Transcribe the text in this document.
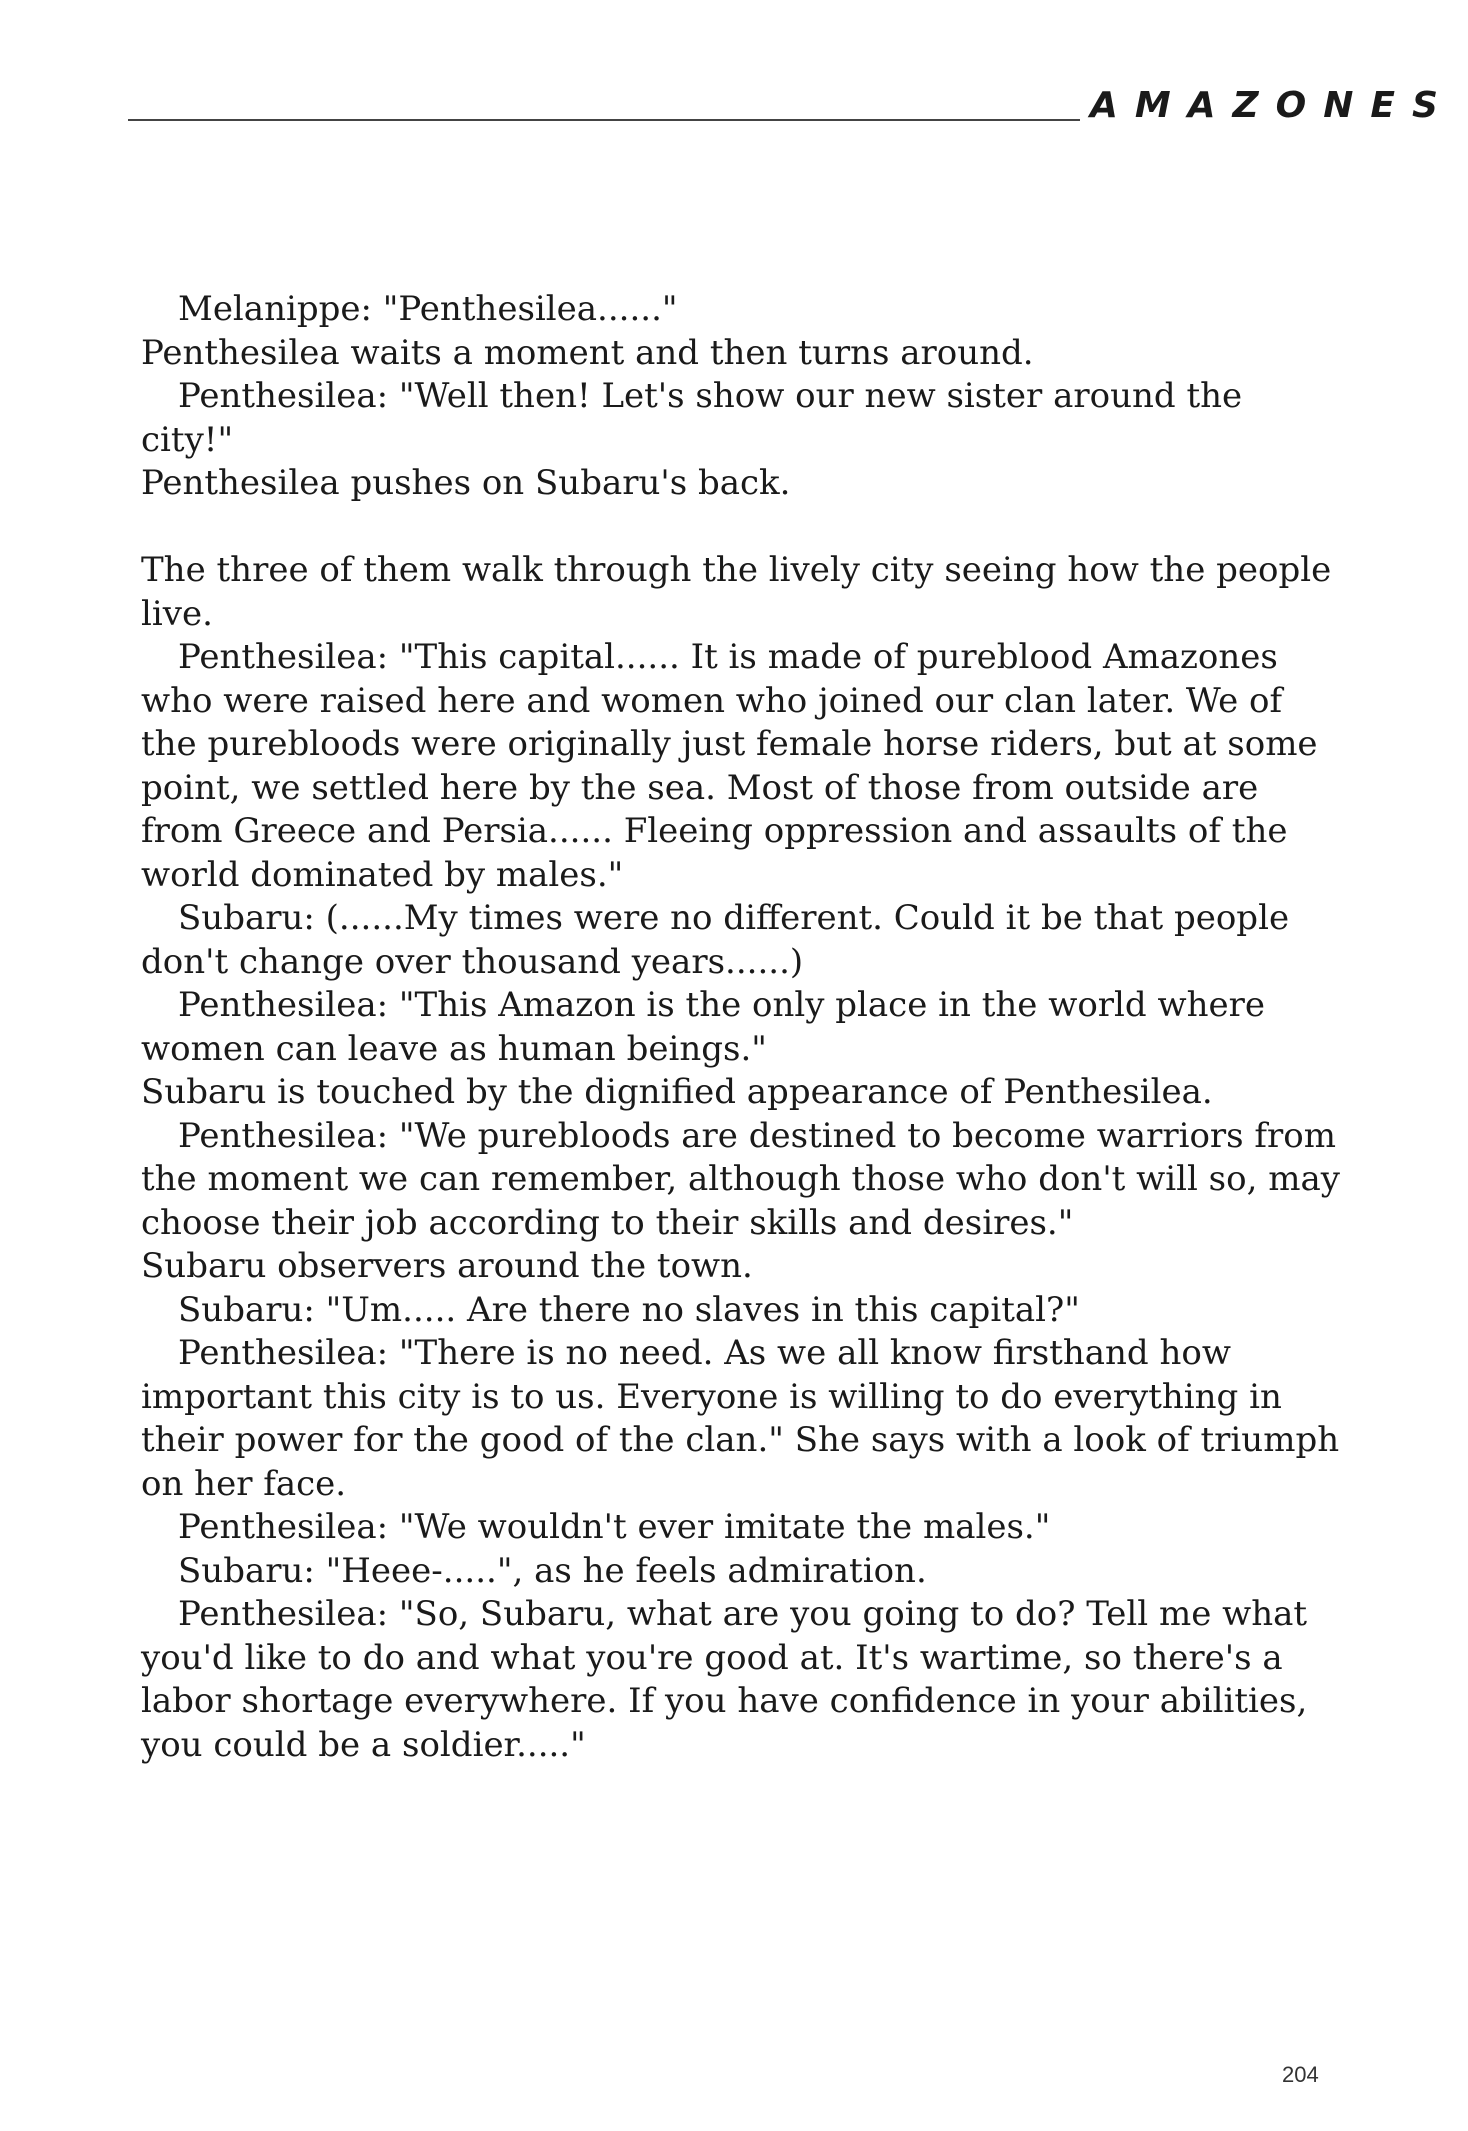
AMAZONES

Melanippe: "Penthesilea......"

Penthesilea waits a moment and then turns around.

Penthesilea: "Well then! Let's show our new sister around the city!"

Penthesilea pushes on Subaru's back.

The three of them walk through the lively city seeing how the people live.

Penthesilea: "This capital...... It is made of pureblood Amazones who were raised here and women who joined our clan later. We of the purebloods were originally just female horse riders, but at some point, we settled here by the sea. Most of those from outside are from Greece and Persia...... Fleeing oppression and assaults of the world dominated by males."

Subaru: (......My times were no different. Could it be that people don't change over thousand years......)

Penthesilea: "This Amazon is the only place in the world where women can leave as human beings."

Subaru is touched by the dignified appearance of Penthesilea.

Penthesilea: "We purebloods are destined to become warriors from the moment we can remember, although those who don't will so, may choose their job according to their skills and desires."

Subaru observers around the town.

Subaru: "Um..... Are there no slaves in this capital?"

Penthesilea: "There is no need. As we all know firsthand how important this city is to us. Everyone is willing to do everything in their power for the good of the clan." She says with a look of triumph on her face.

Penthesilea: "We wouldn't ever imitate the males."

Subaru: "Heee-.....", as he feels admiration.

Penthesilea: "So, Subaru, what are you going to do? Tell me what you'd like to do and what you're good at. It's wartime, so there's a labor shortage everywhere. If you have confidence in your abilities, you could be a soldier....."

204
